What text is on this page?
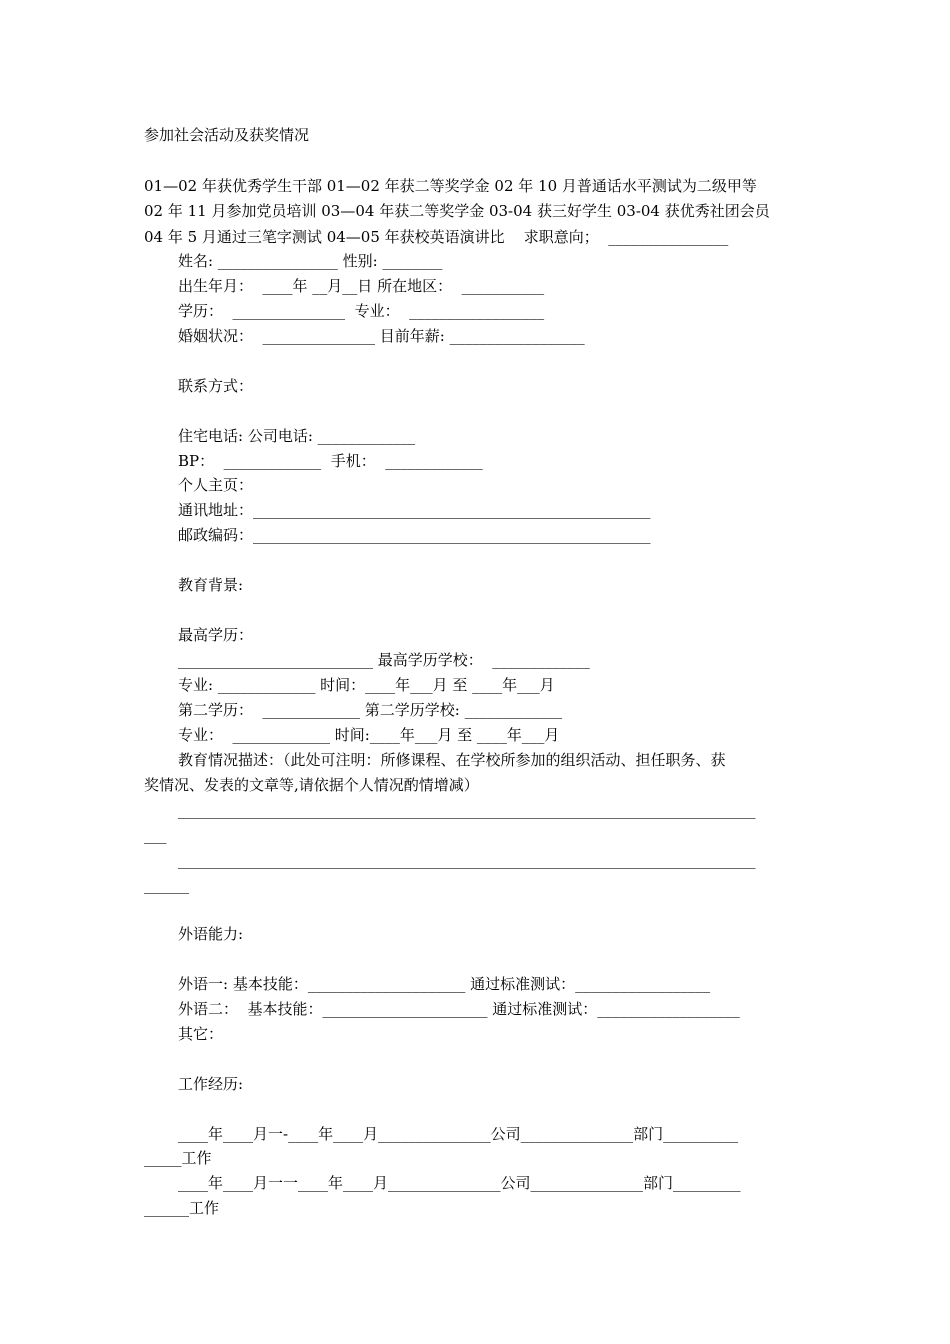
参加社会活动及获奖情况
01—02 年获优秀学生干部 01—02 年获二等奖学金 02 年 10 月普通话水平测试为二级甲等
02 年 11 月参加党员培训 03—04 年获二等奖学金 03-04 获三好学生 03-04 获优秀社团会员
04 年 5 月通过三笔字测试 04—05 年获校英语演讲比    求职意向；  ________________
姓名: ________________ 性别: ________
出生年月：  ____年 __月__日 所在地区：  ___________
学历：  _______________  专业：  __________________
婚姻状况：  _______________ 目前年薪: __________________
联系方式：
住宅电话: 公司电话: _____________
BP：  _____________  手机：  _____________
个人主页：
通讯地址：_____________________________________________________
邮政编码：_____________________________________________________
教育背景:
最高学历：
__________________________ 最高学历学校：  _____________
专业: _____________ 时间：____年___月 至 ____年___月
第二学历：  _____________ 第二学历学校: _____________
专业：  _____________ 时间:____年___月 至 ____年___月
教育情况描述：（此处可注明：所修课程、在学校所参加的组织活动、担任职务、获
奖情况、发表的文章等,请依据个人情况酌情增减）
_____________________________________________________________________________
___
_____________________________________________________________________________
______
外语能力:
外语一: 基本技能：_____________________ 通过标准测试：__________________
外语二：  基本技能：______________________ 通过标准测试：___________________
其它：
工作经历:
____年____月一-____年____月_______________公司_______________部门__________
_____工作
____年____月一一____年____月_______________公司_______________部门_________
______工作
